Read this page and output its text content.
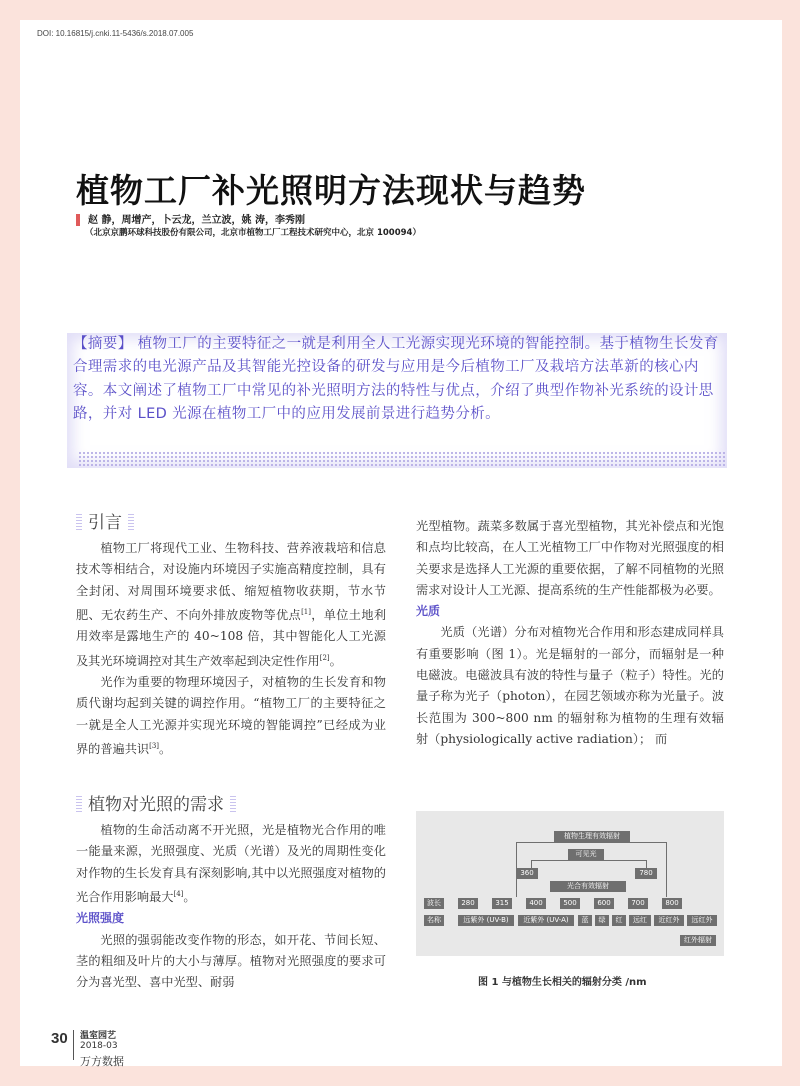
DOI: 10.16815/j.cnki.11-5436/s.2018.07.005
植物工厂补光照明方法现状与趋势
赵 静，周增产，卜云龙，兰立波，姚 涛，李秀刚
（北京京鹏环球科技股份有限公司，北京市植物工厂工程技术研究中心，北京 100094）

【摘要】 植物工厂的主要特征之一就是利用全人工光源实现光环境的智能控制。基于植物生长发育合理需求的电光源产品及其智能光控设备的研发与应用是今后植物工厂及栽培方法革新的核心内容。本文阐述了植物工厂中常见的补光照明方法的特性与优点，介绍了典型作物补光系统的设计思路，并对 LED 光源在植物工厂中的应用发展前景进行趋势分析。

引言

植物工厂将现代工业、生物科技、营养液栽培和信息技术等相结合，对设施内环境因子实施高精度控制，具有全封闭、对周围环境要求低、缩短植物收获期，节水节肥、无农药生产、不向外排放废物等优点[1]，单位土地利用效率是露地生产的 40~108 倍，其中智能化人工光源及其光环境调控对其生产效率起到决定性作用[2]。

光作为重要的物理环境因子，对植物的生长发育和物质代谢均起到关键的调控作用。“植物工厂的主要特征之一就是全人工光源并实现光环境的智能调控”已经成为业界的普遍共识[3]。

植物对光照的需求

植物的生命活动离不开光照，光是植物光合作用的唯一能量来源，光照强度、光质（光谱）及光的周期性变化对作物的生长发育具有深刻影响,其中以光照强度对植物的光合作用影响最大[4]。

光照强度

光照的强弱能改变作物的形态，如开花、节间长短、茎的粗细及叶片的大小与薄厚。植物对光照强度的要求可分为喜光型、喜中光型、耐弱

光型植物。蔬菜多数属于喜光型植物，其光补偿点和光饱和点均比较高，在人工光植物工厂中作物对光照强度的相关要求是选择人工光源的重要依据，了解不同植物的光照需求对设计人工光源、提高系统的生产性能都极为必要。

光质

光质（光谱）分布对植物光合作用和形态建成同样具有重要影响（图 1）。光是辐射的一部分，而辐射是一种电磁波。电磁波具有波的特性与量子（粒子）特性。光的量子称为光子（photon），在园艺领域亦称为光量子。波长范围为 300~800 nm 的辐射称为植物的生理有效辐 射（physiologically active radiation）； 而

植物生理有效辐射
可见光
360	780
光合有效辐射
波长	280	315	400	500	600	700	800
名称	远紫外 (UV-B)	近紫外 (UV-A)	蓝	绿	红	远红	近红外	远红外
红外辐射
图 1 与植物生长相关的辐射分类 /nm
30 温室园艺
2018-03
万方数据
